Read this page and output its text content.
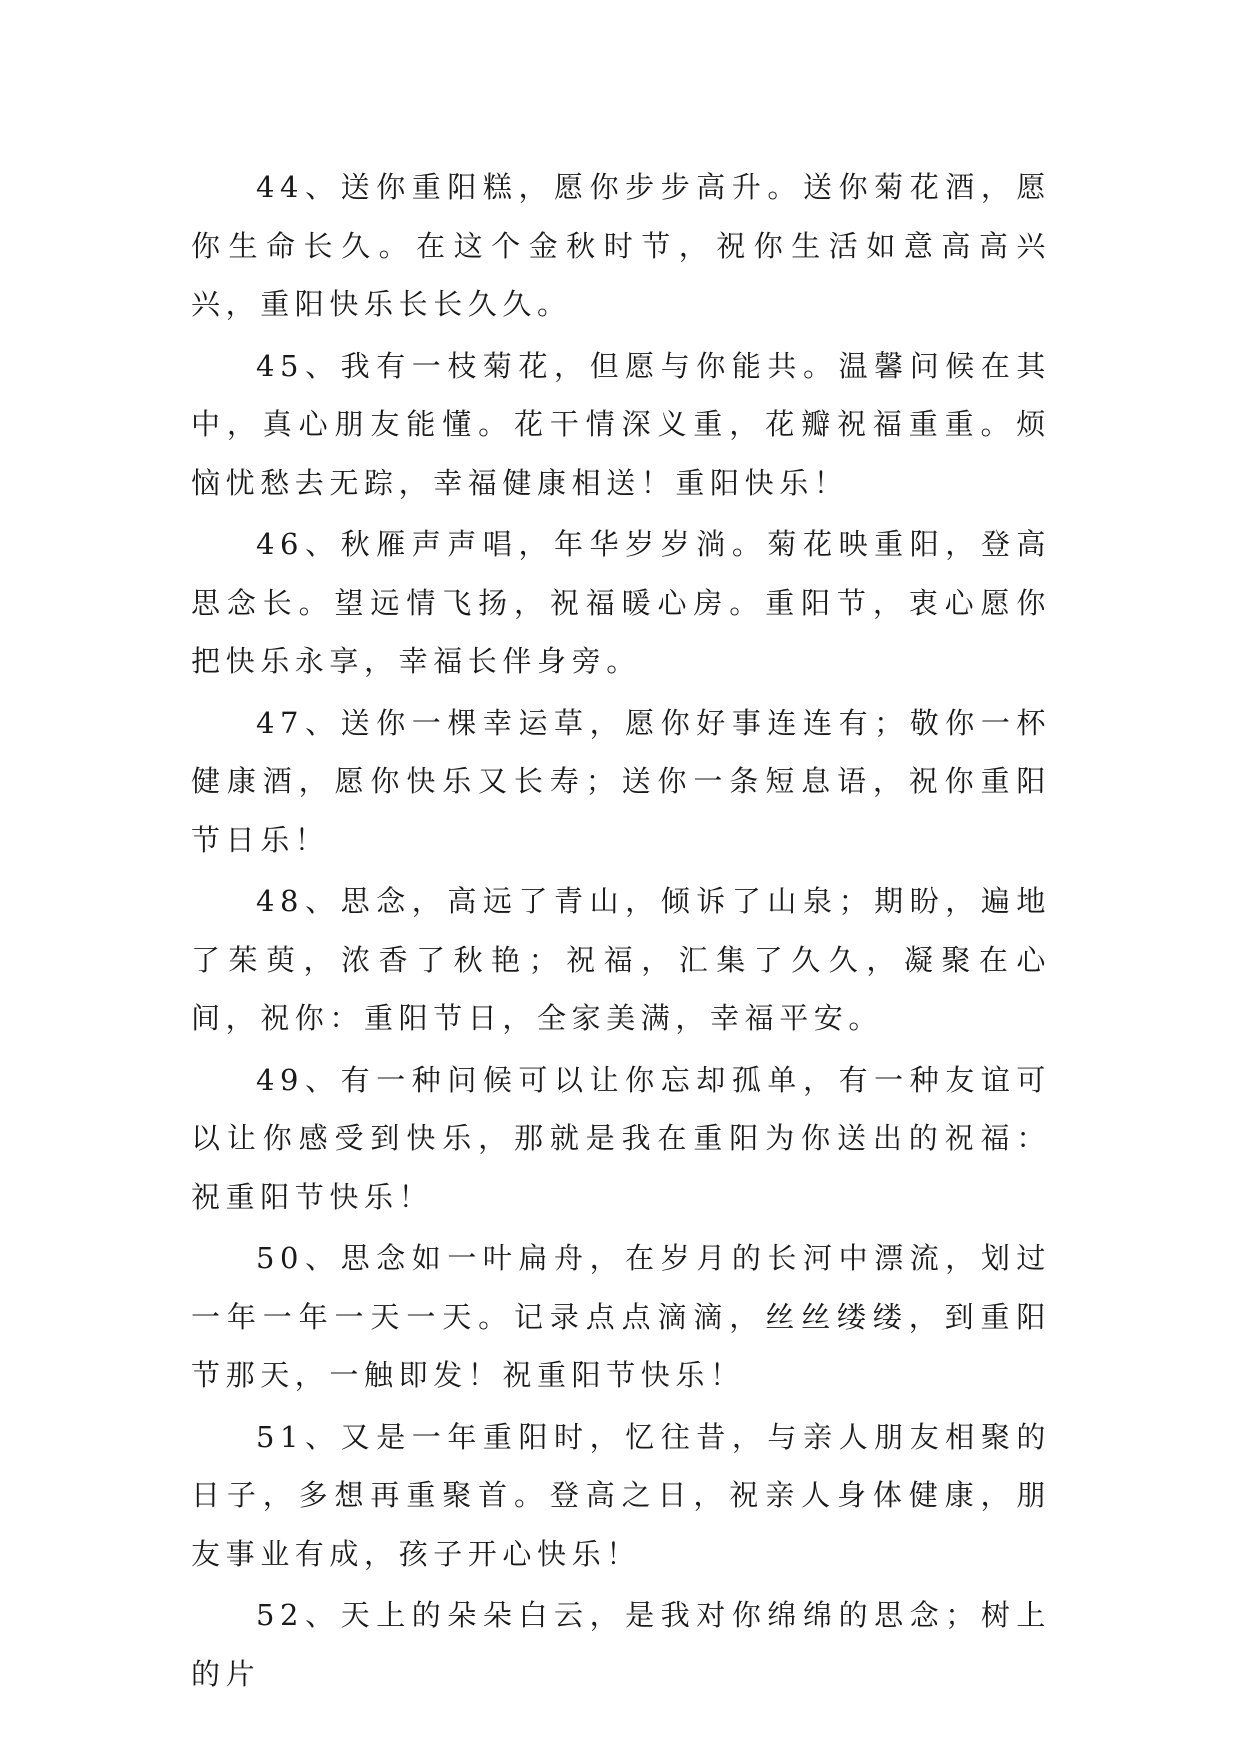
44、送你重阳糕，愿你步步高升。送你菊花酒，愿你生命长久。在这个金秋时节，祝你生活如意高高兴兴，重阳快乐长长久久。

45、我有一枝菊花，但愿与你能共。温馨问候在其中，真心朋友能懂。花干情深义重，花瓣祝福重重。烦恼忧愁去无踪，幸福健康相送！重阳快乐！

46、秋雁声声唱，年华岁岁淌。菊花映重阳，登高思念长。望远情飞扬，祝福暖心房。重阳节，衷心愿你把快乐永享，幸福长伴身旁。

47、送你一棵幸运草，愿你好事连连有；敬你一杯健康酒，愿你快乐又长寿；送你一条短息语，祝你重阳节日乐！

48、思念，高远了青山，倾诉了山泉；期盼，遍地了茱萸，浓香了秋艳；祝福，汇集了久久，凝聚在心间，祝你：重阳节日，全家美满，幸福平安。

49、有一种问候可以让你忘却孤单，有一种友谊可以让你感受到快乐，那就是我在重阳为你送出的祝福：祝重阳节快乐！

50、思念如一叶扁舟，在岁月的长河中漂流，划过一年一年一天一天。记录点点滴滴，丝丝缕缕，到重阳节那天，一触即发！祝重阳节快乐！

51、又是一年重阳时，忆往昔，与亲人朋友相聚的日子，多想再重聚首。登高之日，祝亲人身体健康，朋友事业有成，孩子开心快乐！

52、天上的朵朵白云，是我对你绵绵的思念；树上的片
